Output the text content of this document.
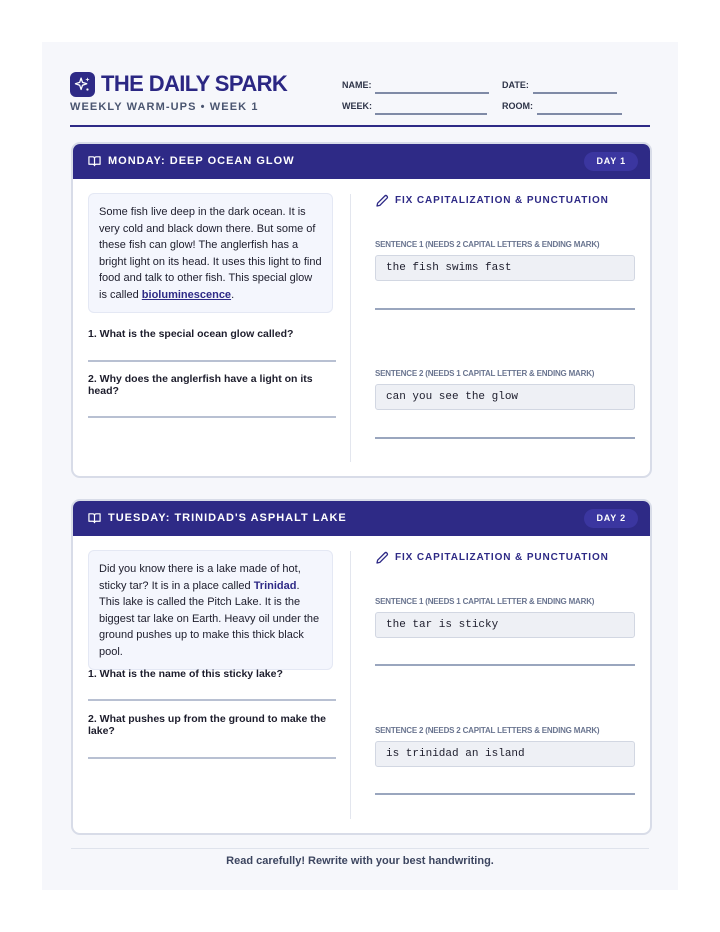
THE DAILY SPARK
WEEKLY WARM-UPS • WEEK 1
NAME:	DATE:
WEEK:	ROOM:
MONDAY: DEEP OCEAN GLOW	DAY 1
Some fish live deep in the dark ocean. It is very cold and black down there. But some of these fish can glow! The anglerfish has a bright light on its head. It uses this light to find food and talk to other fish. This special glow is called bioluminescence.
1. What is the special ocean glow called?
2. Why does the anglerfish have a light on its head?
FIX CAPITALIZATION & PUNCTUATION
SENTENCE 1 (NEEDS 2 CAPITAL LETTERS & ENDING MARK)
the fish swims fast
SENTENCE 2 (NEEDS 1 CAPITAL LETTER & ENDING MARK)
can you see the glow
TUESDAY: TRINIDAD'S ASPHALT LAKE	DAY 2
Did you know there is a lake made of hot, sticky tar? It is in a place called Trinidad. This lake is called the Pitch Lake. It is the biggest tar lake on Earth. Heavy oil under the ground pushes up to make this thick black pool.
1. What is the name of this sticky lake?
2. What pushes up from the ground to make the lake?
FIX CAPITALIZATION & PUNCTUATION
SENTENCE 1 (NEEDS 1 CAPITAL LETTER & ENDING MARK)
the tar is sticky
SENTENCE 2 (NEEDS 2 CAPITAL LETTERS & ENDING MARK)
is trinidad an island
Read carefully! Rewrite with your best handwriting.
